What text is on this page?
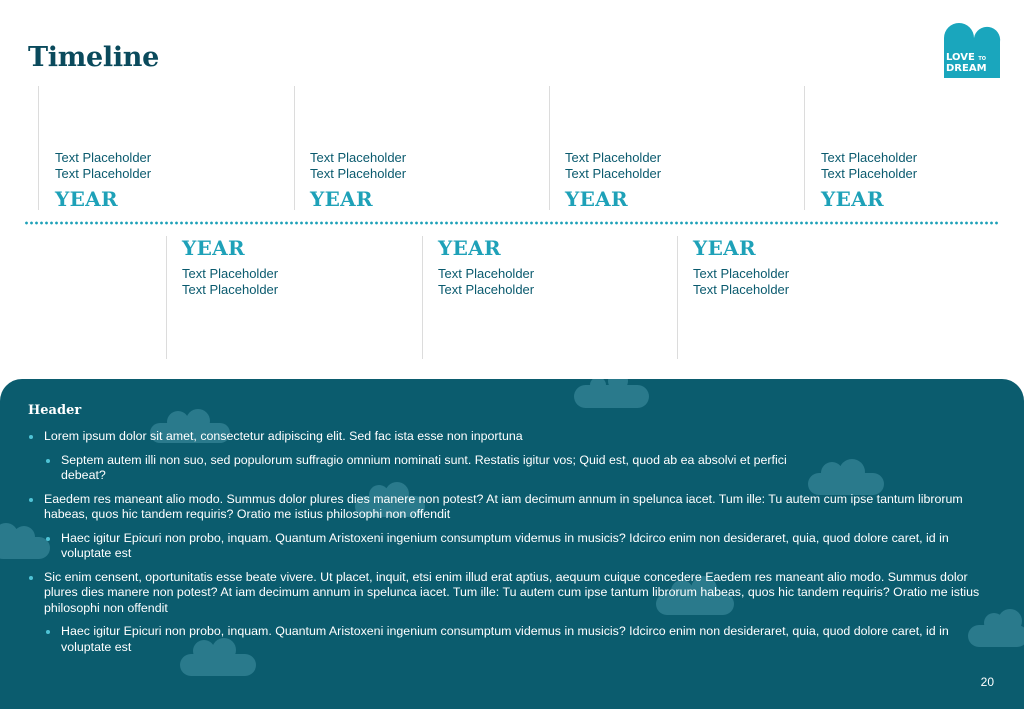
Timeline	LOVE TO
DREAM
Text Placeholder
Text Placeholder
YEAR
Text Placeholder
Text Placeholder
YEAR
Text Placeholder
Text Placeholder
YEAR
Text Placeholder
Text Placeholder
YEAR
YEAR
Text Placeholder
Text Placeholder
YEAR
Text Placeholder
Text Placeholder
YEAR
Text Placeholder
Text Placeholder
Header
Lorem ipsum dolor sit amet, consectetur adipiscing elit. Sed fac ista esse non inportuna
Septem autem illi non suo, sed populorum suffragio omnium nominati sunt. Restatis igitur vos; Quid est, quod ab ea absolvi et perfici debeat?
Eaedem res maneant alio modo. Summus dolor plures dies manere non potest? At iam decimum annum in spelunca iacet. Tum ille: Tu autem cum ipse tantum librorum habeas, quos hic tandem requiris? Oratio me istius philosophi non offendit
Haec igitur Epicuri non probo, inquam. Quantum Aristoxeni ingenium consumptum videmus in musicis? Idcirco enim non desideraret, quia, quod dolore caret, id in voluptate est
Sic enim censent, oportunitatis esse beate vivere. Ut placet, inquit, etsi enim illud erat aptius, aequum cuique concedere Eaedem res maneant alio modo. Summus dolor plures dies manere non potest? At iam decimum annum in spelunca iacet. Tum ille: Tu autem cum ipse tantum librorum habeas, quos hic tandem requiris? Oratio me istius philosophi non offendit
Haec igitur Epicuri non probo, inquam. Quantum Aristoxeni ingenium consumptum videmus in musicis? Idcirco enim non desideraret, quia, quod dolore caret, id in voluptate est
20
